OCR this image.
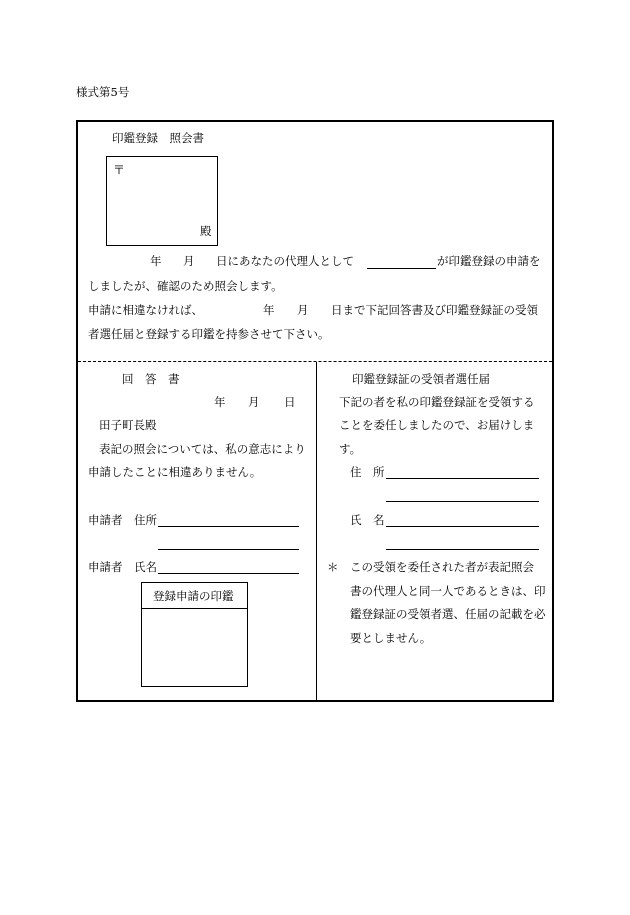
様式第5号
印鑑登録　照会書
〒
殿
年 月 日にあなたの代理人として	が印鑑登録の申請を
しましたが、確認のため照会します。
申請に相違なければ、	年 月 日まで下記回答書及び印鑑登録証の受領
者選任届と登録する印鑑を持参させて下さい。
回　答　書
年 月 日
田子町長殿
表記の照会については、私の意志により
申請したことに相違ありません。
申請者　住所
申請者　氏名
登録申請の印鑑
印鑑登録証の受領者選任届
下記の者を私の印鑑登録証を受領する
ことを委任しましたので、お届けしま
す。
住　所
氏　名
＊ この受領を委任された者が表記照会
書の代理人と同一人であるときは、印
鑑登録証の受領者選、任届の記載を必
要としません。
